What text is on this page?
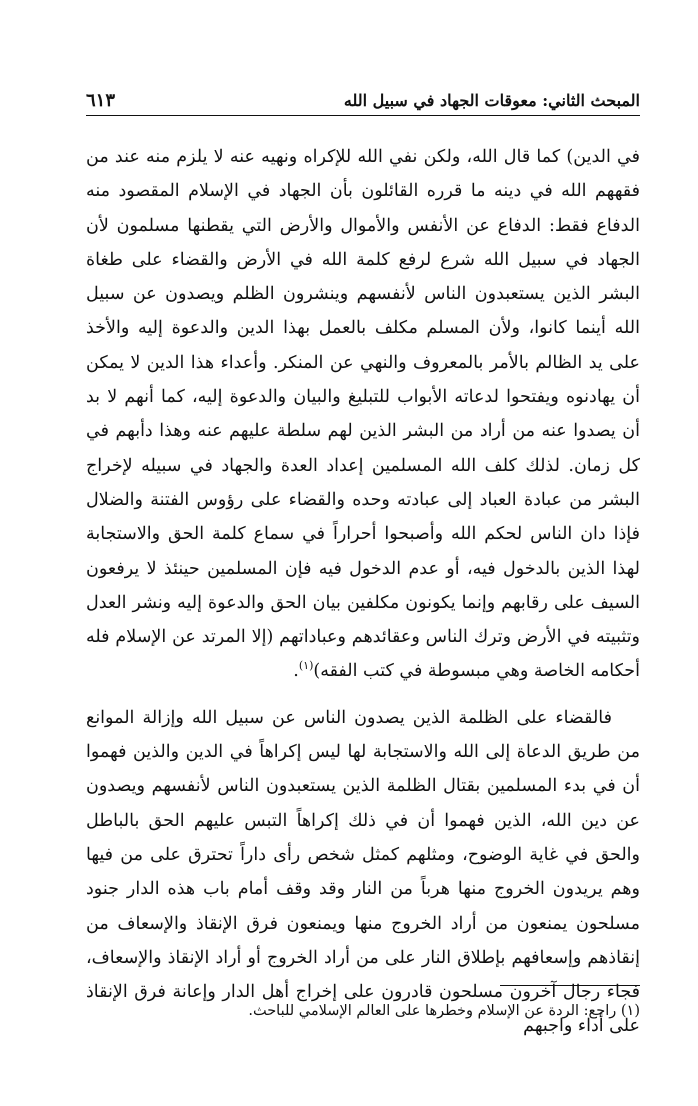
المبحث الثاني: معوقات الجهاد في سبيل الله
٦١٣

في الدين) كما قال الله، ولكن نفي الله للإكراه ونهيه عنه لا يلزم منه عند من فقههم الله في دينه ما قرره القائلون بأن الجهاد في الإسلام المقصود منه الدفاع فقط: الدفاع عن الأنفس والأموال والأرض التي يقطنها مسلمون لأن الجهاد في سبيل الله شرع لرفع كلمة الله في الأرض والقضاء على طغاة البشر الذين يستعبدون الناس لأنفسهم وينشرون الظلم ويصدون عن سبيل الله أينما كانوا، ولأن المسلم مكلف بالعمل بهذا الدين والدعوة إليه والأخذ على يد الظالم بالأمر بالمعروف والنهي عن المنكر. وأعداء هذا الدين لا يمكن أن يهادنوه ويفتحوا لدعاته الأبواب للتبليغ والبيان والدعوة إليه، كما أنهم لا بد أن يصدوا عنه من أراد من البشر الذين لهم سلطة عليهم عنه وهذا دأبهم في كل زمان. لذلك كلف الله المسلمين إعداد العدة والجهاد في سبيله لإخراج البشر من عبادة العباد إلى عبادته وحده والقضاء على رؤوس الفتنة والضلال فإذا دان الناس لحكم الله وأصبحوا أحراراً في سماع كلمة الحق والاستجابة لهذا الذين بالدخول فيه، أو عدم الدخول فيه فإن المسلمين حينئذ لا يرفعون السيف على رقابهم وإنما يكونون مكلفين بيان الحق والدعوة إليه ونشر العدل وتثبيته في الأرض وترك الناس وعقائدهم وعباداتهم (إلا المرتد عن الإسلام فله أحكامه الخاصة وهي مبسوطة في كتب الفقه)$^{(١)}$.

فالقضاء على الظلمة الذين يصدون الناس عن سبيل الله وإزالة الموانع من طريق الدعاة إلى الله والاستجابة لها ليس إكراهاً في الدين والذين فهموا أن في بدء المسلمين بقتال الظلمة الذين يستعبدون الناس لأنفسهم ويصدون عن دين الله، الذين فهموا أن في ذلك إكراهاً التبس عليهم الحق بالباطل والحق في غاية الوضوح، ومثلهم كمثل شخص رأى داراً تحترق على من فيها وهم يريدون الخروج منها هرباً من النار وقد وقف أمام باب هذه الدار جنود مسلحون يمنعون من أراد الخروج منها ويمنعون فرق الإنقاذ والإسعاف من إنقاذهم وإسعافهم بإطلاق النار على من أراد الخروج أو أراد الإنقاذ والإسعاف، فجاء رجال آخرون مسلحون قادرون على إخراج أهل الدار وإعانة فرق الإنقاذ على أداء واجبهم

(١) راجع: الردة عن الإسلام وخطرها على العالم الإسلامي للباحث.
